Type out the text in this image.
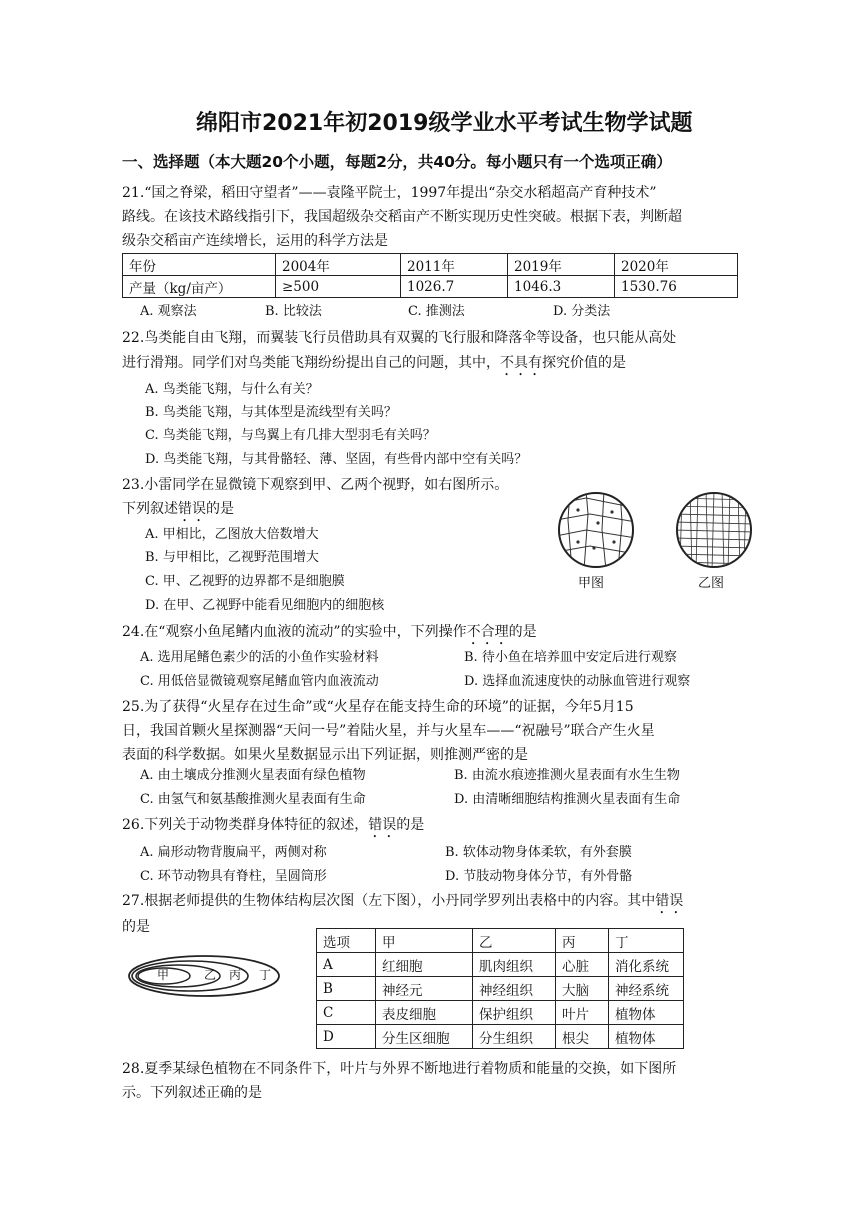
绵阳市2021年初2019级学业水平考试生物学试题
一、选择题（本大题20个小题，每题2分，共40分。每小题只有一个选项正确）
21.“国之脊梁，稻田守望者”——袁隆平院士，1997年提出“杂交水稻超高产育种技术”
路线。在该技术路线指引下，我国超级杂交稻亩产不断实现历史性突破。根据下表，判断超
级杂交稻亩产连续增长，运用的科学方法是
年份	2004年	2011年	2019年	2020年
产量（kg/亩产）	≥500	1026.7	1046.3	1530.76
A. 观察法	B. 比较法	C. 推测法	D. 分类法
22.鸟类能自由飞翔，而翼装飞行员借助具有双翼的飞行服和降落伞等设备，也只能从高处
进行滑翔。同学们对鸟类能飞翔纷纷提出自己的问题，其中，不具有探究价值的是
A. 鸟类能飞翔，与什么有关？
B. 鸟类能飞翔，与其体型是流线型有关吗？
C. 鸟类能飞翔，与鸟翼上有几排大型羽毛有关吗？
D. 鸟类能飞翔，与其骨骼轻、薄、坚固，有些骨内部中空有关吗？
23.小雷同学在显微镜下观察到甲、乙两个视野，如右图所示。
下列叙述错误的是
A. 甲相比，乙图放大倍数增大
B. 与甲相比，乙视野范围增大
C. 甲、乙视野的边界都不是细胞膜
D. 在甲、乙视野中能看见细胞内的细胞核
甲图	乙图
24.在“观察小鱼尾鳍内血液的流动”的实验中，下列操作不合理的是
A. 选用尾鳍色素少的活的小鱼作实验材料	B. 待小鱼在培养皿中安定后进行观察
C. 用低倍显微镜观察尾鳍血管内血液流动	D. 选择血流速度快的动脉血管进行观察
25.为了获得“火星存在过生命”或“火星存在能支持生命的环境”的证据，今年5月15
日，我国首颗火星探测器“天问一号”着陆火星，并与火星车——“祝融号”联合产生火星
表面的科学数据。如果火星数据显示出下列证据，则推测严密的是
A. 由土壤成分推测火星表面有绿色植物	B. 由流水痕迹推测火星表面有水生生物
C. 由氢气和氨基酸推测火星表面有生命	D. 由清晰细胞结构推测火星表面有生命
26.下列关于动物类群身体特征的叙述，错误的是
A. 扁形动物背腹扁平，两侧对称	B. 软体动物身体柔软，有外套膜
C. 环节动物具有脊柱，呈圆筒形	D. 节肢动物身体分节，有外骨骼
27.根据老师提供的生物体结构层次图（左下图），小丹同学罗列出表格中的内容。其中错误
的是
甲	乙 丙 丁
选项	甲	乙	丙	丁
A	红细胞	肌肉组织	心脏	消化系统
B	神经元	神经组织	大脑	神经系统
C	表皮细胞	保护组织	叶片	植物体
D	分生区细胞	分生组织	根尖	植物体
28.夏季某绿色植物在不同条件下，叶片与外界不断地进行着物质和能量的交换，如下图所
示。下列叙述正确的是
